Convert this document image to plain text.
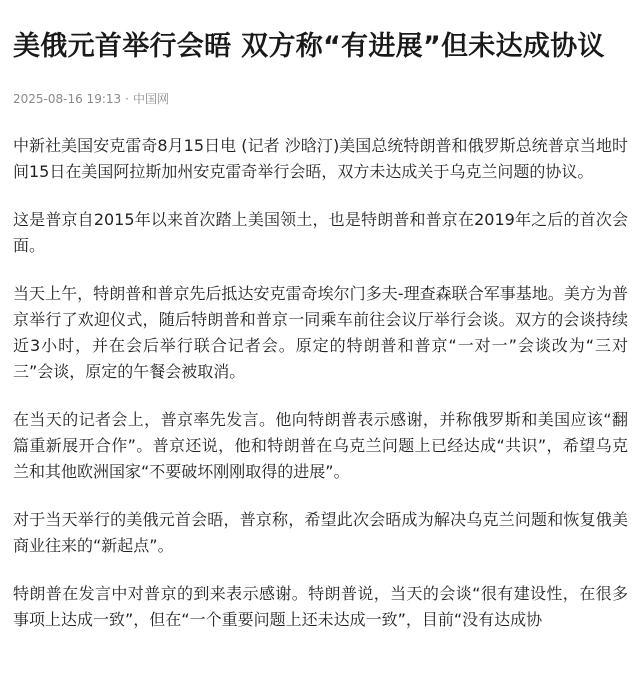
美俄元首举行会晤 双方称“有进展”但未达成协议
2025-08-16 19:13 · 中国网

中新社美国安克雷奇8月15日电 (记者 沙晗汀)美国总统特朗普和俄罗斯总统普京当地时间15日在美国阿拉斯加州安克雷奇举行会晤，双方未达成关于乌克兰问题的协议。

这是普京自2015年以来首次踏上美国领土，也是特朗普和普京在2019年之后的首次会面。

当天上午，特朗普和普京先后抵达安克雷奇埃尔门多夫-理查森联合军事基地。美方为普京举行了欢迎仪式，随后特朗普和普京一同乘车前往会议厅举行会谈。双方的会谈持续近3小时，并在会后举行联合记者会。原定的特朗普和普京“一对一”会谈改为“三对三”会谈，原定的午餐会被取消。

在当天的记者会上，普京率先发言。他向特朗普表示感谢，并称俄罗斯和美国应该“翻篇重新展开合作”。普京还说，他和特朗普在乌克兰问题上已经达成“共识”，希望乌克兰和其他欧洲国家“不要破坏刚刚取得的进展”。

对于当天举行的美俄元首会晤，普京称，希望此次会晤成为解决乌克兰问题和恢复俄美商业往来的“新起点”。

特朗普在发言中对普京的到来表示感谢。特朗普说，当天的会谈“很有建设性，在很多事项上达成一致”，但在“一个重要问题上还未达成一致”，目前“没有达成协
